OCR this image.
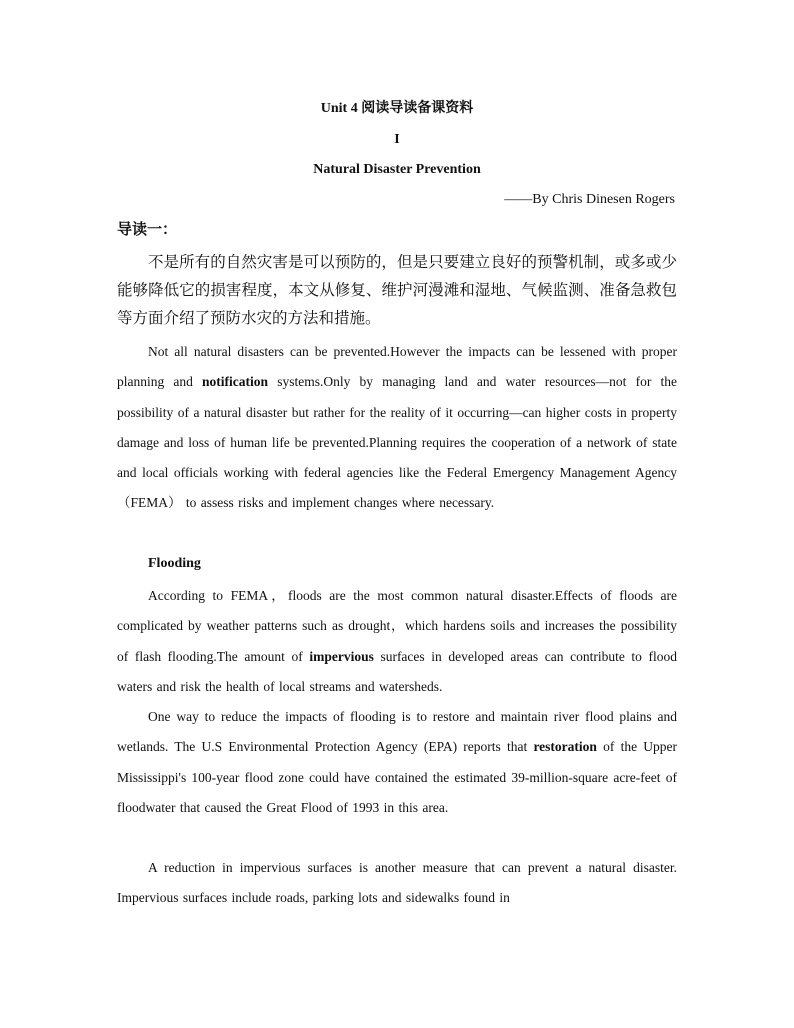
Unit 4 阅读导读备课资料
I
Natural Disaster Prevention
——By Chris Dinesen Rogers
导读一：
不是所有的自然灾害是可以预防的，但是只要建立良好的预警机制，或多或少能够降低它的损害程度，本文从修复、维护河漫滩和湿地、气候监测、准备急救包等方面介绍了预防水灾的方法和措施。

Not all natural disasters can be prevented.However the impacts can be lessened with proper planning and notification systems.Only by managing land and water resources—not for the possibility of a natural disaster but rather for the reality of it occurring—can higher costs in property damage and loss of human life be prevented.Planning requires the cooperation of a network of state and local officials working with federal agencies like the Federal Emergency Management Agency（FEMA） to assess risks and implement changes where necessary.

Flooding

According to FEMA，floods are the most common natural disaster.Effects of floods are complicated by weather patterns such as drought，which hardens soils and increases the possibility of flash flooding.The amount of impervious surfaces in developed areas can contribute to flood waters and risk the health of local streams and watersheds.

One way to reduce the impacts of flooding is to restore and maintain river flood plains and wetlands. The U.S Environmental Protection Agency (EPA) reports that restoration of the Upper Mississippi's 100-year flood zone could have contained the estimated 39-million-square acre-feet of floodwater that caused the Great Flood of 1993 in this area.

A reduction in impervious surfaces is another measure that can prevent a natural disaster. Impervious surfaces include roads, parking lots and sidewalks found in
